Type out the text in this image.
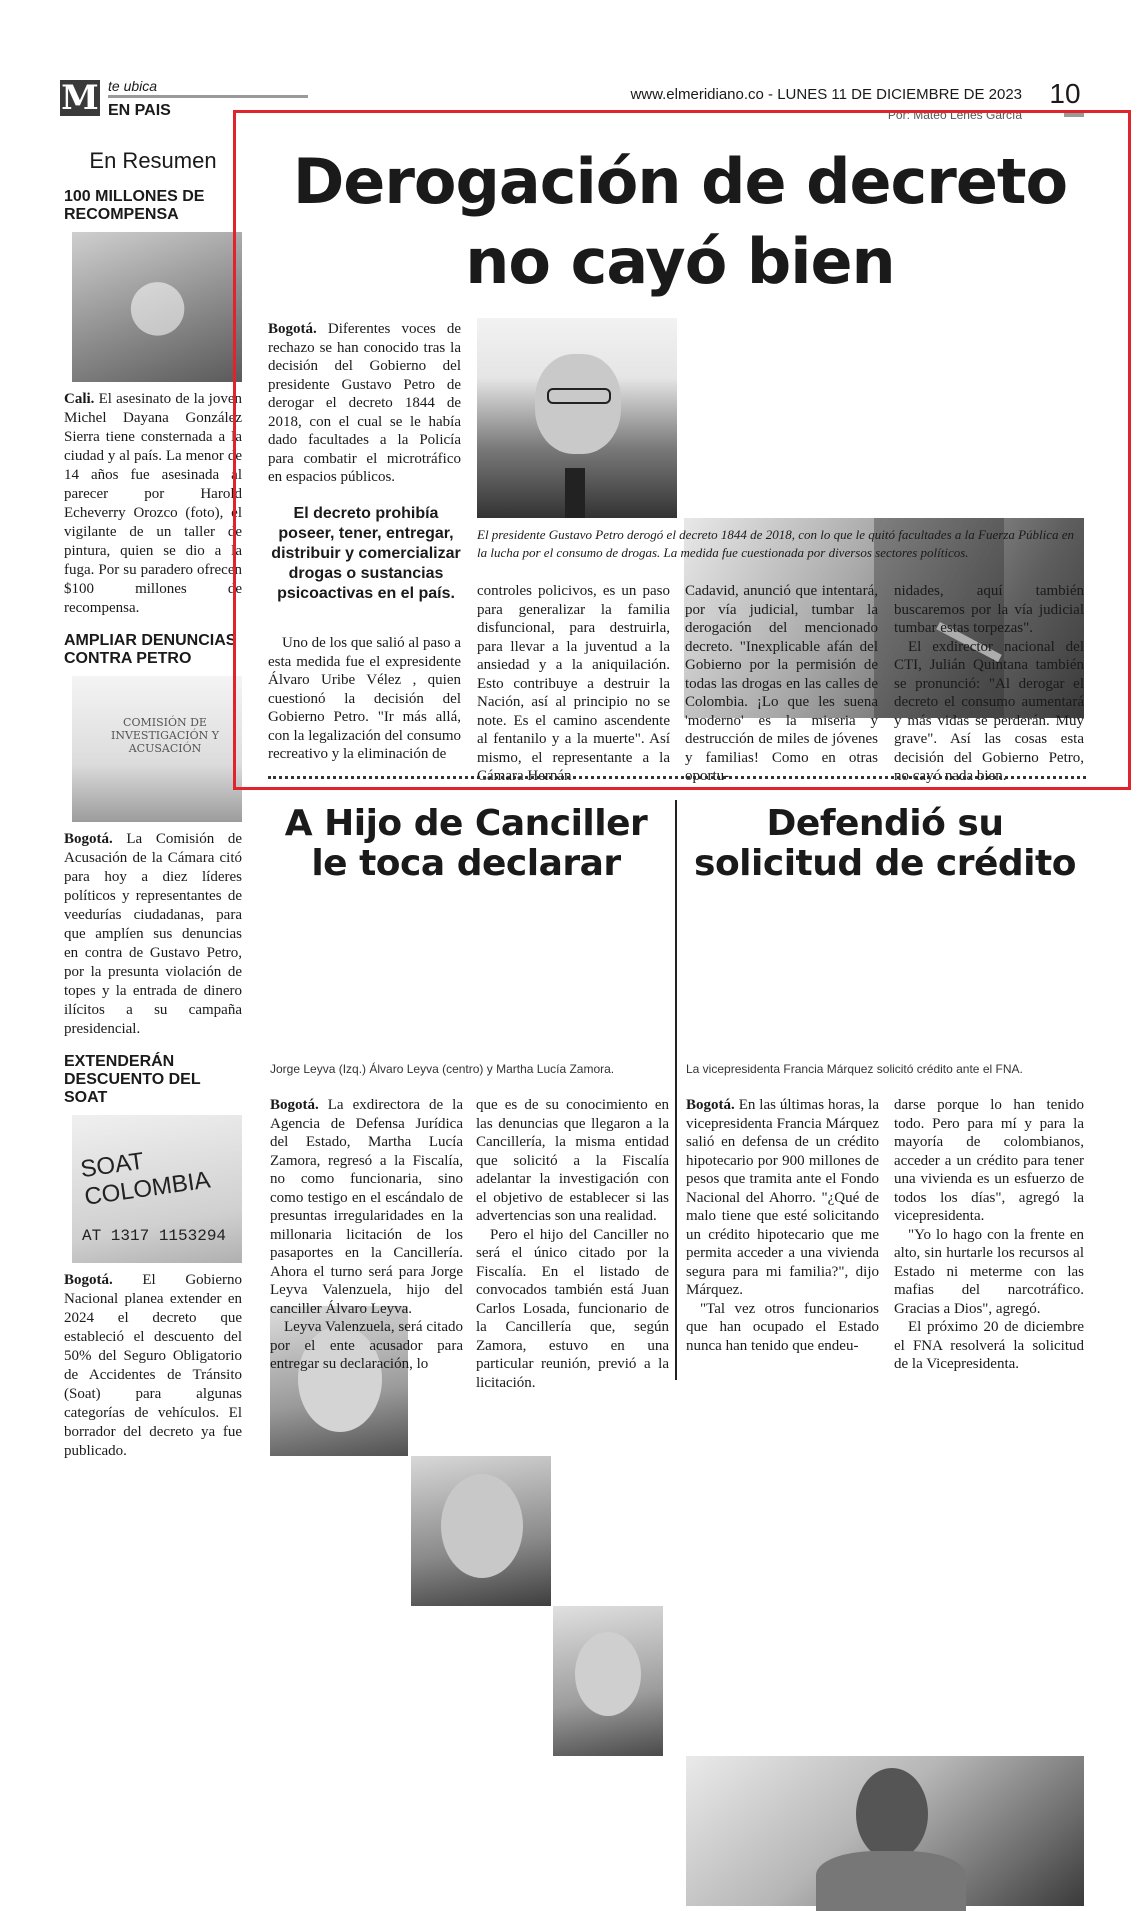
M te ubica
EN PAIS
www.elmeridiano.co - LUNES 11 DE DICIEMBRE DE 2023 10
Por: Mateo Lenes García
En Resumen
100 MILLONES DE RECOMPENSA
●
Cali. El asesinato de la joven Michel Dayana González Sierra tiene consternada a la ciudad y al país. La menor de 14 años fue asesinada al parecer por Harold Echeverry Orozco (foto), el vigilante de un taller de pintura, quien se dio a la fuga. Por su paradero ofrecen $100 millones de recompensa.
AMPLIAR DENUNCIAS CONTRA PETRO
COMISIÓN DE INVESTIGACIÓN Y ACUSACIÓN
Bogotá. La Comisión de Acusación de la Cámara citó para hoy a diez líderes políticos y representantes de veedurías ciudadanas, para que amplíen sus denuncias en contra de Gustavo Petro, por la presunta violación de topes y la entrada de dinero ilícitos a su campaña presidencial.
EXTENDERÁN DESCUENTO DEL SOAT
SOAT COLOMBIA
AT 1317 1153294
Bogotá. El Gobierno Nacional planea extender en 2024 el decreto que estableció el descuento del 50% del Seguro Obligatorio de Accidentes de Tránsito (Soat) para algunas categorías de vehículos. El borrador del decreto ya fue publicado.
Derogación de decreto no cayó bien
Bogotá. Diferentes voces de rechazo se han conocido tras la decisión del Gobierno del presidente Gustavo Petro de derogar el decreto 1844 de 2018, con el cual se le había dado facultades a la Policía para combatir el microtráfico en espacios públicos.
El decreto prohibía poseer, tener, entregar, distribuir y comercializar drogas o sustancias psicoactivas en el país.
El presidente Gustavo Petro derogó el decreto 1844 de 2018, con lo que le quitó facultades a la Fuerza Pública en la lucha por el consumo de drogas. La medida fue cuestionada por diversos sectores políticos.
Uno de los que salió al paso a esta medida fue el expresidente Álvaro Uribe Vélez , quien cuestionó la decisión del Gobierno Petro. "Ir más allá, con la legalización del consumo recreativo y la eliminación de
controles policivos, es un paso para generalizar la familia disfuncional, para destruirla, para llevar a la juventud a la ansiedad y a la aniquilación. Esto contribuye a destruir la Nación, así al principio no se note. Es el camino ascendente al fentanilo y a la muerte". Así mismo, el representante a la Cámara Hernán
Cadavid, anunció que intentará, por vía judicial, tumbar la derogación del mencionado decreto. "Inexplicable afán del Gobierno por la permisión de todas las drogas en las calles de Colombia. ¡Lo que les suena 'moderno' es la miseria y destrucción de miles de jóvenes y familias! Como en otras oportu-
nidades, aquí también buscaremos por la vía judicial tumbar estas torpezas".
El exdirector nacional del CTI, Julián Quintana también se pronunció: "Al derogar el decreto el consumo aumentará y más vidas se perderán. Muy grave". Así las cosas esta decisión del Gobierno Petro, no cayó nada bien.
A Hijo de Canciller le toca declarar
Jorge Leyva (Izq.) Álvaro Leyva (centro) y Martha Lucía Zamora.
Bogotá. La exdirectora de la Agencia de Defensa Jurídica del Estado, Martha Lucía Zamora, regresó a la Fiscalía, no como funcionaria, sino como testigo en el escándalo de presuntas irregularidades en la millonaria licitación de los pasaportes en la Cancillería. Ahora el turno será para Jorge Leyva Valenzuela, hijo del canciller Álvaro Leyva.
Leyva Valenzuela, será citado por el ente acusador para entregar su declaración, lo
que es de su conocimiento en las denuncias que llegaron a la Cancillería, la misma entidad que solicitó a la Fiscalía adelantar la investigación con el objetivo de establecer si las advertencias son una realidad.
Pero el hijo del Canciller no será el único citado por la Fiscalía. En el listado de convocados también está Juan Carlos Losada, funcionario de la Cancillería que, según Zamora, estuvo en una particular reunión, previó a la licitación.
Defendió su solicitud de crédito
La vicepresidenta Francia Márquez solicitó crédito ante el FNA.
Bogotá. En las últimas horas, la vicepresidenta Francia Márquez salió en defensa de un crédito hipotecario por 900 millones de pesos que tramita ante el Fondo Nacional del Ahorro. "¿Qué de malo tiene que esté solicitando un crédito hipotecario que me permita acceder a una vivienda segura para mi familia?", dijo Márquez.
"Tal vez otros funcionarios que han ocupado el Estado nunca han tenido que endeu-
darse porque lo han tenido todo. Pero para mí y para la mayoría de colombianos, acceder a un crédito para tener una vivienda es un esfuerzo de todos los días", agregó la vicepresidenta.
"Yo lo hago con la frente en alto, sin hurtarle los recursos al Estado ni meterme con las mafias del narcotráfico. Gracias a Dios", agregó.
El próximo 20 de diciembre el FNA resolverá la solicitud de la Vicepresidenta.
